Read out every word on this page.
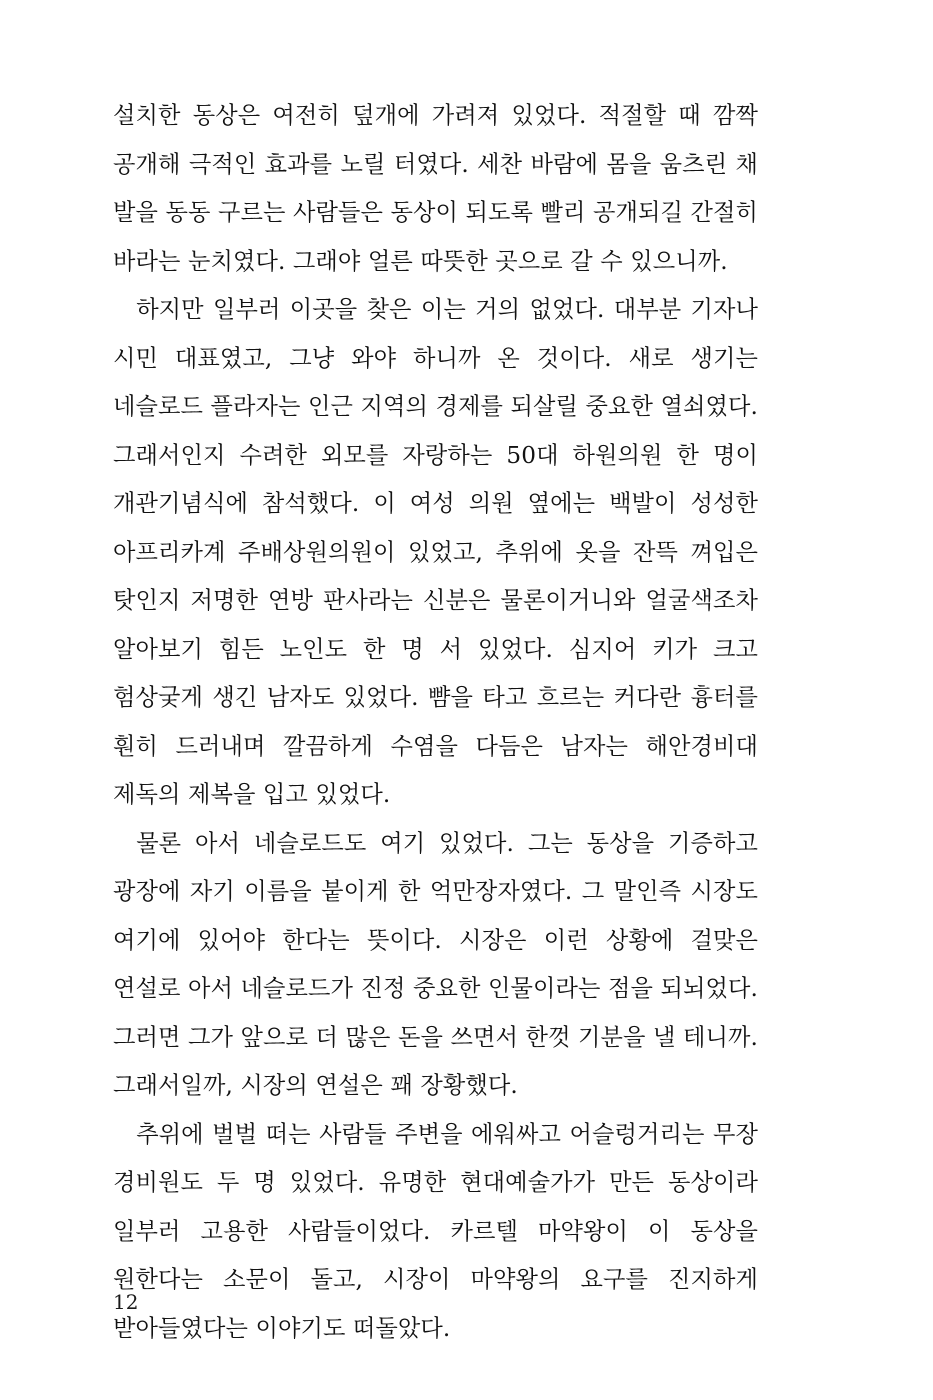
설치한 동상은 여전히 덮개에 가려져 있었다. 적절할 때 깜짝 공개해 극적인 효과를 노릴 터였다. 세찬 바람에 몸을 움츠린 채 발을 동동 구르는 사람들은 동상이 되도록 빨리 공개되길 간절히 바라는 눈치였다. 그래야 얼른 따뜻한 곳으로 갈 수 있으니까.

하지만 일부러 이곳을 찾은 이는 거의 없었다. 대부분 기자나 시민 대표였고, 그냥 와야 하니까 온 것이다. 새로 생기는 네슬로드 플라자는 인근 지역의 경제를 되살릴 중요한 열쇠였다. 그래서인지 수려한 외모를 자랑하는 50대 하원의원 한 명이 개관기념식에 참석했다. 이 여성 의원 옆에는 백발이 성성한 아프리카계 주배상원의원이 있었고, 추위에 옷을 잔뜩 껴입은 탓인지 저명한 연방 판사라는 신분은 물론이거니와 얼굴색조차 알아보기 힘든 노인도 한 명 서 있었다. 심지어 키가 크고 험상궂게 생긴 남자도 있었다. 뺨을 타고 흐르는 커다란 흉터를 훤히 드러내며 깔끔하게 수염을 다듬은 남자는 해안경비대 제독의 제복을 입고 있었다.

물론 아서 네슬로드도 여기 있었다. 그는 동상을 기증하고 광장에 자기 이름을 붙이게 한 억만장자였다. 그 말인즉 시장도 여기에 있어야 한다는 뜻이다. 시장은 이런 상황에 걸맞은 연설로 아서 네슬로드가 진정 중요한 인물이라는 점을 되뇌었다. 그러면 그가 앞으로 더 많은 돈을 쓰면서 한껏 기분을 낼 테니까. 그래서일까, 시장의 연설은 꽤 장황했다.

추위에 벌벌 떠는 사람들 주변을 에워싸고 어슬렁거리는 무장 경비원도 두 명 있었다. 유명한 현대예술가가 만든 동상이라 일부러 고용한 사람들이었다. 카르텔 마약왕이 이 동상을 원한다는 소문이 돌고, 시장이 마약왕의 요구를 진지하게 받아들였다는 이야기도 떠돌았다.

12
